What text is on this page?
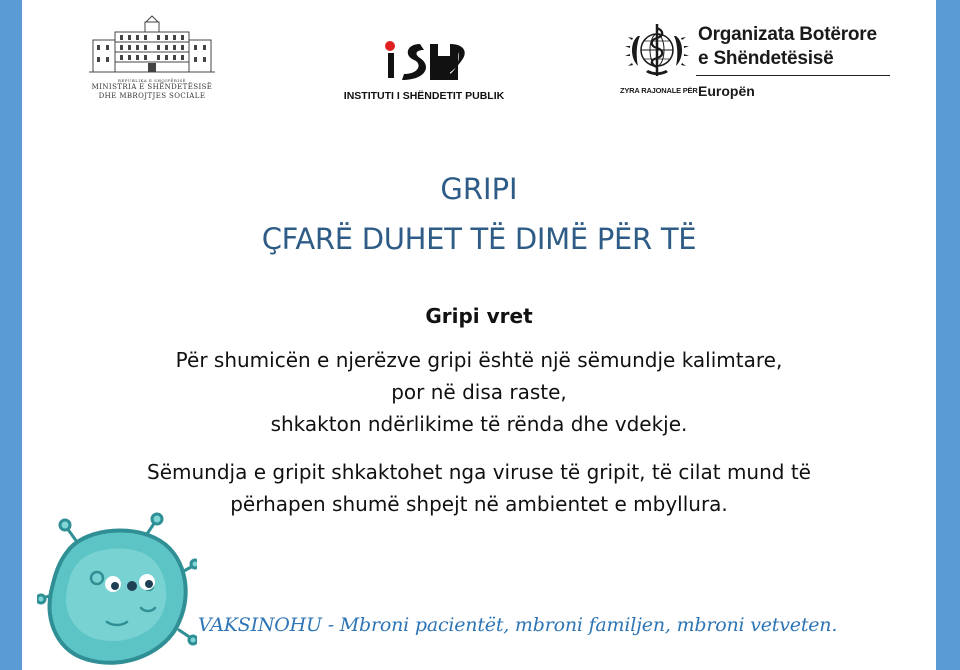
REPUBLIKA E SHQIPËRISË
MINISTRIA E SHËNDETËSISË
DHE MBROJTJES SOCIALE	INSTITUTI I SHËNDETIT PUBLIK
Organizata Botërore
e Shëndetësisë
ZYRA RAJONALE PËR Europën
GRIPI
ÇFARË DUHET TË DIMË PËR TË
Gripi vret
Për shumicën e njerëzve gripi është një sëmundje kalimtare,
por në disa raste,
shkakton ndërlikime të rënda dhe vdekje.
Sëmundja e gripit shkaktohet nga viruse të gripit, të cilat mund të
përhapen shumë shpejt në ambientet e mbyllura.
VAKSINOHU - Mbroni pacientët, mbroni familjen, mbroni vetveten.
